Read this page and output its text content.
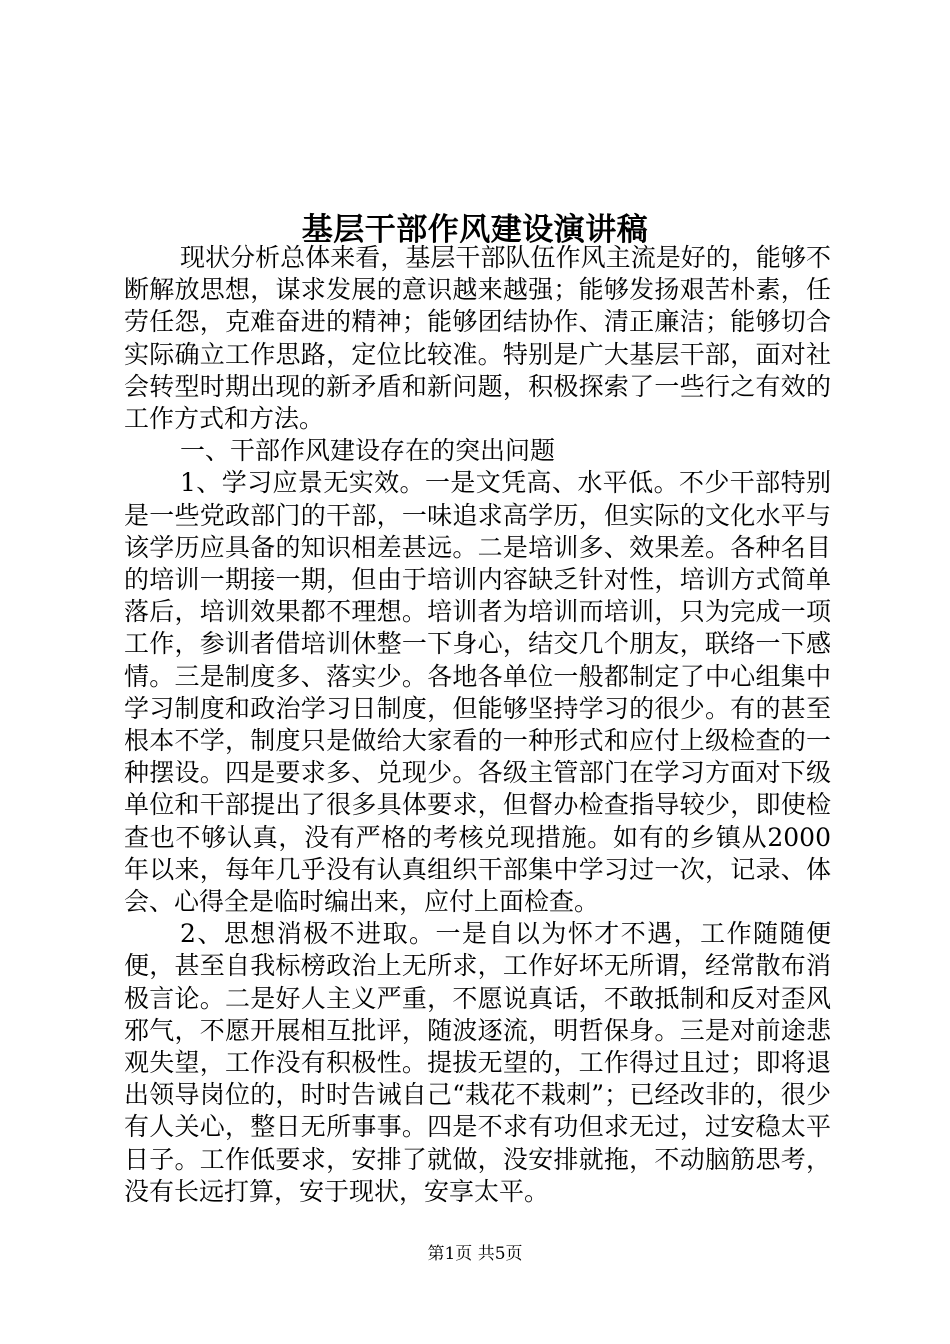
基层干部作风建设演讲稿

现状分析总体来看，基层干部队伍作风主流是好的，能够不断解放思想，谋求发展的意识越来越强；能够发扬艰苦朴素，任劳任怨，克难奋进的精神；能够团结协作、清正廉洁；能够切合实际确立工作思路，定位比较准。特别是广大基层干部，面对社会转型时期出现的新矛盾和新问题，积极探索了一些行之有效的工作方式和方法。

一、干部作风建设存在的突出问题

1、学习应景无实效。一是文凭高、水平低。不少干部特别是一些党政部门的干部，一味追求高学历，但实际的文化水平与该学历应具备的知识相差甚远。二是培训多、效果差。各种名目的培训一期接一期，但由于培训内容缺乏针对性，培训方式简单落后，培训效果都不理想。培训者为培训而培训，只为完成一项工作，参训者借培训休整一下身心，结交几个朋友，联络一下感情。三是制度多、落实少。各地各单位一般都制定了中心组集中学习制度和政治学习日制度，但能够坚持学习的很少。有的甚至根本不学，制度只是做给大家看的一种形式和应付上级检查的一种摆设。四是要求多、兑现少。各级主管部门在学习方面对下级单位和干部提出了很多具体要求，但督办检查指导较少，即使检查也不够认真，没有严格的考核兑现措施。如有的乡镇从2000年以来，每年几乎没有认真组织干部集中学习过一次，记录、体会、心得全是临时编出来，应付上面检查。

2、思想消极不进取。一是自以为怀才不遇，工作随随便便，甚至自我标榜政治上无所求，工作好坏无所谓，经常散布消极言论。二是好人主义严重，不愿说真话，不敢抵制和反对歪风邪气，不愿开展相互批评，随波逐流，明哲保身。三是对前途悲观失望，工作没有积极性。提拔无望的，工作得过且过；即将退出领导岗位的，时时告诫自己“栽花不栽刺”；已经改非的，很少有人关心，整日无所事事。四是不求有功但求无过，过安稳太平日子。工作低要求，安排了就做，没安排就拖，不动脑筋思考，没有长远打算，安于现状，安享太平。

第1页 共5页
